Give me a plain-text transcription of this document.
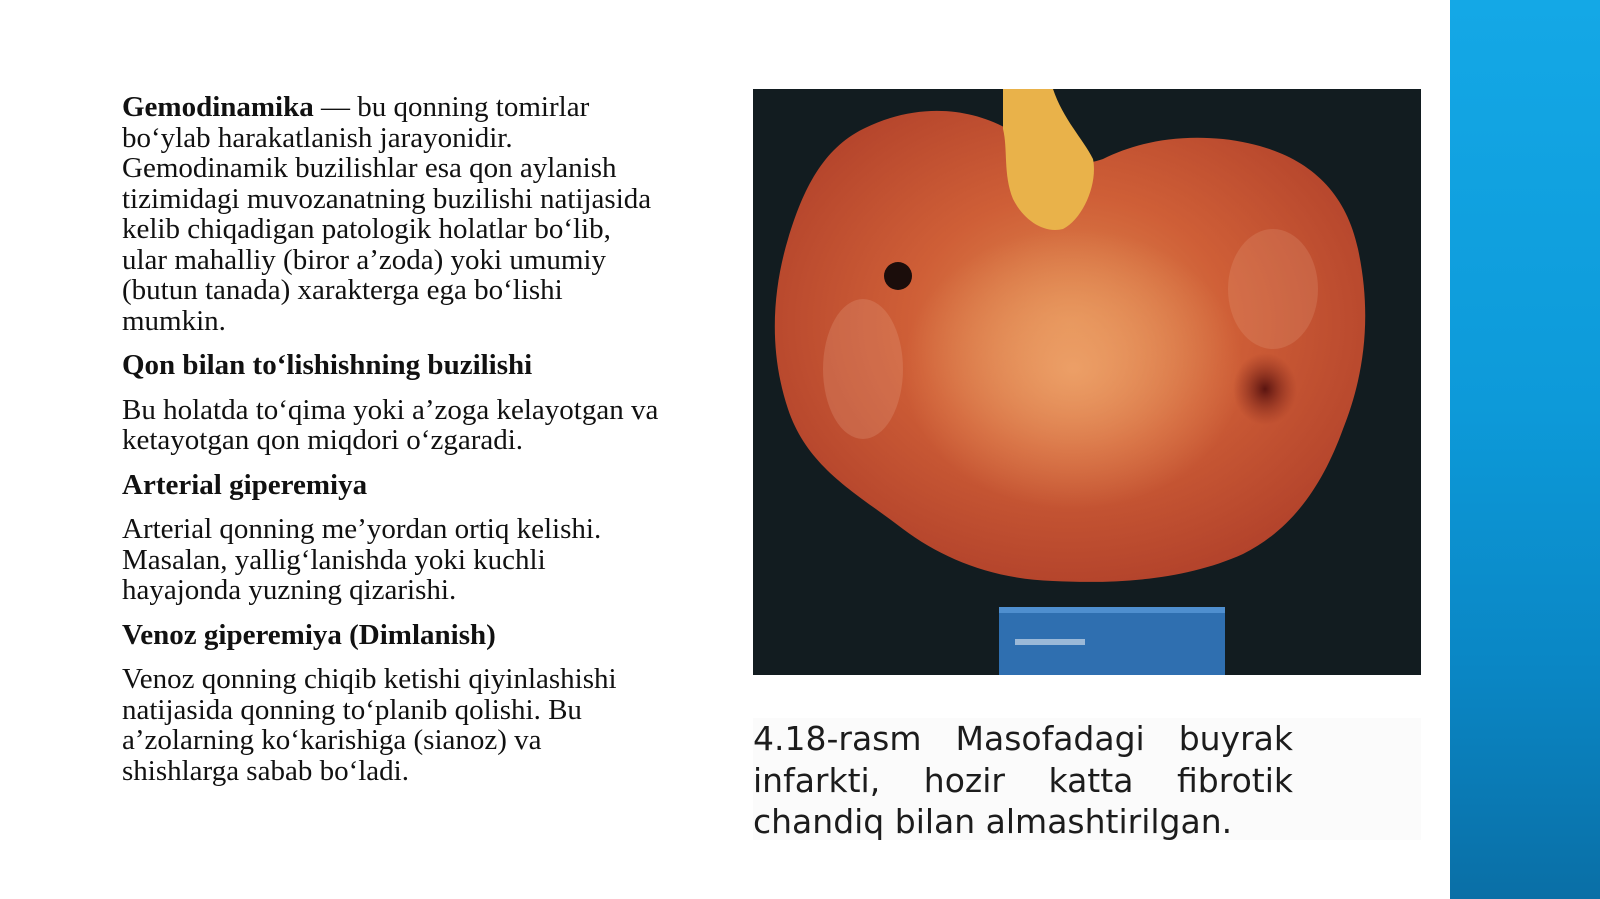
Gemodinamika — bu qonning tomirlar bo‘ylab harakatlanish jarayonidir. Gemodinamik buzilishlar esa qon aylanish tizimidagi muvozanatning buzilishi natijasida kelib chiqadigan patologik holatlar bo‘lib, ular mahalliy (biror a’zoda) yoki umumiy (butun tanada) xarakterga ega bo‘lishi mumkin.

Qon bilan to‘lishishning buzilishi

Bu holatda to‘qima yoki a’zoga kelayotgan va ketayotgan qon miqdori o‘zgaradi.

Arterial giperemiya

Arterial qonning me’yordan ortiq kelishi. Masalan, yallig‘lanishda yoki kuchli hayajonda yuzning qizarishi.

Venoz giperemiya (Dimlanish)

Venoz qonning chiqib ketishi qiyinlashishi natijasida qonning to‘planib qolishi. Bu a’zolarning ko‘karishiga (sianoz) va shishlarga sabab bo‘ladi.

4.18-rasm Masofadagi buyrak infarkti, hozir katta fibrotik chandiq bilan almashtirilgan.
